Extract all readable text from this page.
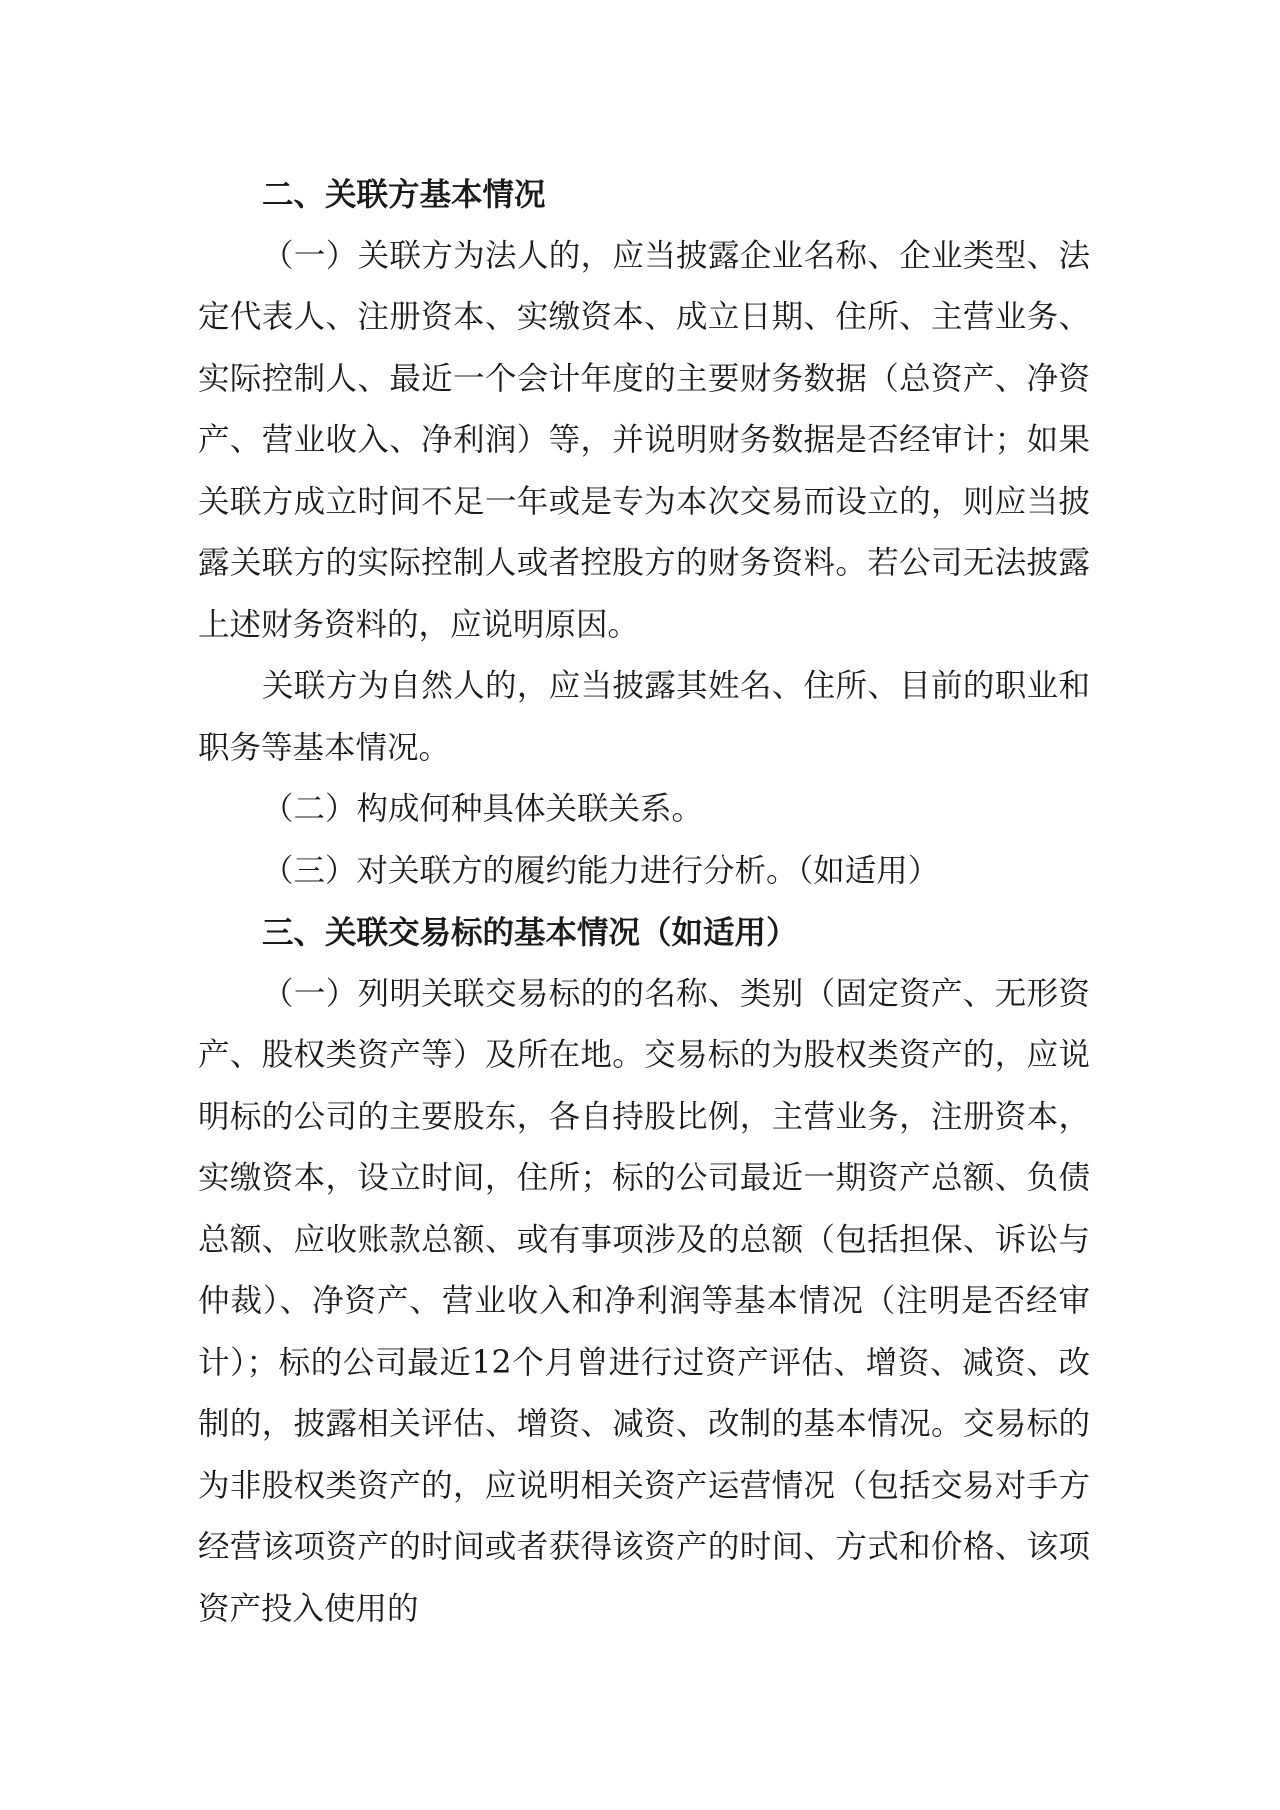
二、关联方基本情况

（一）关联方为法人的，应当披露企业名称、企业类型、法定代表人、注册资本、实缴资本、成立日期、住所、主营业务、实际控制人、最近一个会计年度的主要财务数据（总资产、净资产、营业收入、净利润）等，并说明财务数据是否经审计；如果关联方成立时间不足一年或是专为本次交易而设立的，则应当披露关联方的实际控制人或者控股方的财务资料。若公司无法披露上述财务资料的，应说明原因。

关联方为自然人的，应当披露其姓名、住所、目前的职业和职务等基本情况。

（二）构成何种具体关联关系。

（三）对关联方的履约能力进行分析。（如适用）

三、关联交易标的基本情况（如适用）

（一）列明关联交易标的的名称、类别（固定资产、无形资产、股权类资产等）及所在地。交易标的为股权类资产的，应说明标的公司的主要股东，各自持股比例，主营业务，注册资本，实缴资本，设立时间，住所；标的公司最近一期资产总额、负债总额、应收账款总额、或有事项涉及的总额（包括担保、诉讼与仲裁）、净资产、营业收入和净利润等基本情况（注明是否经审计）；标的公司最近12个月曾进行过资产评估、增资、减资、改制的，披露相关评估、增资、减资、改制的基本情况。交易标的为非股权类资产的，应说明相关资产运营情况（包括交易对手方经营该项资产的时间或者获得该资产的时间、方式和价格、该项资产投入使用的
